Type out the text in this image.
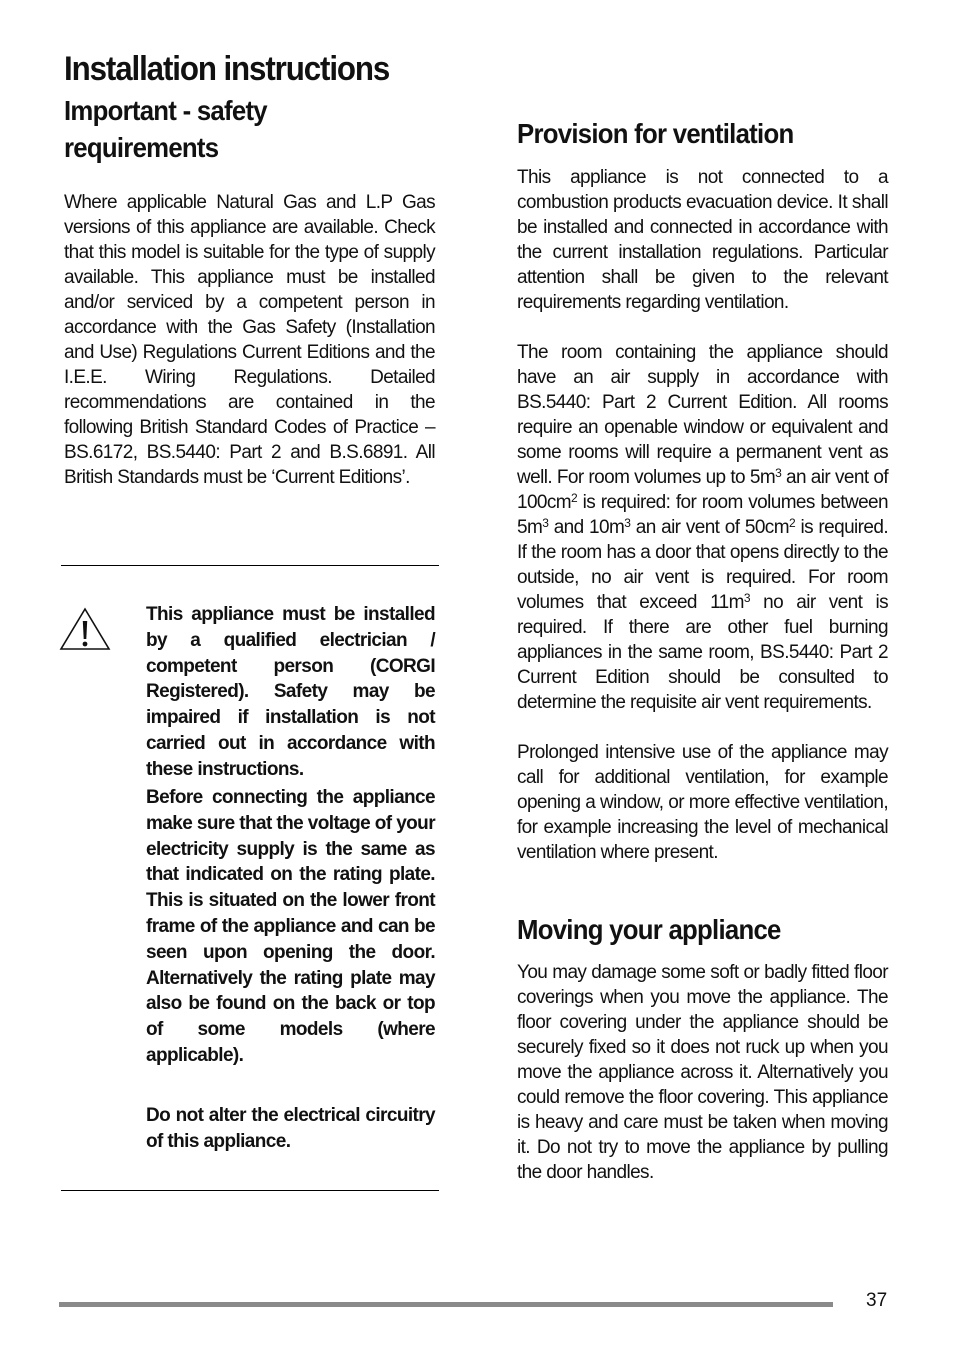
Installation instructions
Important - safety requirements

Where applicable Natural Gas and L.P Gas versions of this appliance are available. Check that this model is suitable for the type of supply available. This appliance must be installed and/or serviced by a competent person in accordance with the Gas Safety (Installation and Use) Regulations Current Editions and the I.E.E. Wiring Regulations. Detailed recommendations are contained in the following British Standard Codes of Practice – BS.6172, BS.5440: Part 2 and B.S.6891. All British Standards must be ‘Current Editions’.

This appliance must be installed by a qualified electrician / competent person (CORGI Registered). Safety may be impaired if installation is not carried out in accordance with these instructions.

Before connecting the appliance make sure that the voltage of your electricity supply is the same as that indicated on the rating plate. This is situated on the lower front frame of the appliance and can be seen upon opening the door. Alternatively the rating plate may also be found on the back or top of some models (where applicable).

Do not alter the electrical circuitry of this appliance.

Provision for ventilation

This appliance is not connected to a combustion products evacuation device. It shall be installed and connected in accordance with the current installation regulations. Particular attention shall be given to the relevant requirements regarding ventilation.

The room containing the appliance should have an air supply in accordance with BS.5440: Part 2 Current Edition. All rooms require an openable window or equivalent and some rooms will require a permanent vent as well. For room volumes up to $5m^3$ an air vent of $100cm^2$ is required: for room volumes between $5m^3$ and $10m^3$ an air vent of $50cm^2$ is required. If the room has a door that opens directly to the outside, no air vent is required. For room volumes that exceed $11m^3$ no air vent is required. If there are other fuel burning appliances in the same room, BS.5440: Part 2 Current Edition should be consulted to determine the requisite air vent requirements.

Prolonged intensive use of the appliance may call for additional ventilation, for example opening a window, or more effective ventilation, for example increasing the level of mechanical ventilation where present.

Moving your appliance

You may damage some soft or badly fitted floor coverings when you move the appliance. The floor covering under the appliance should be securely fixed so it does not ruck up when you move the appliance across it. Alternatively you could remove the floor covering. This appliance is heavy and care must be taken when moving it. Do not try to move the appliance by pulling the door handles.

37
